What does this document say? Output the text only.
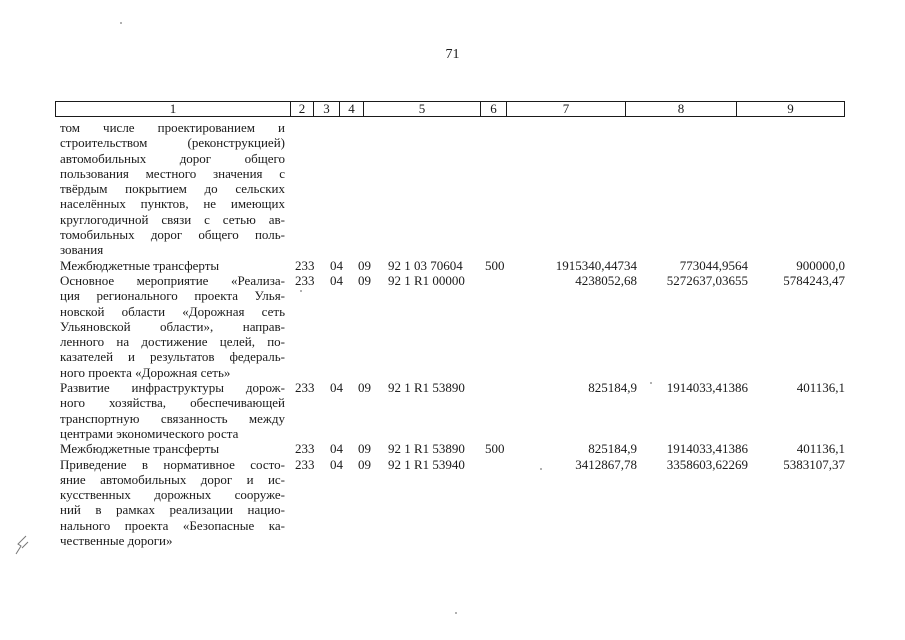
71
1	2	3	4	5	6	7	8	9
том числе проектированием и
строительством (реконструкцией)
автомобильных дорог общего
пользования местного значения с
твёрдым покрытием до сельских
населённых пунктов, не имеющих
круглогодичной связи с сетью ав-
томобильных дорог общего поль-
зования
Межбюджетные трансферты	233 04 09 92 1 03 70604 500	1915340,44734	773044,9564	900000,0
Основное мероприятие «Реализа-
ция регионального проекта Улья-
новской области «Дорожная сеть
Ульяновской области», направ-
ленного на достижение целей, по-
казателей и результатов федераль-
ного проекта «Дорожная сеть»
233 04 09 92 1 R1 00000	4238052,68	5272637,03655	5784243,47
Развитие инфраструктуры дорож-
ного хозяйства, обеспечивающей
транспортную связанность между
центрами экономического роста
233 04 09 92 1 R1 53890	825184,9	1914033,41386	401136,1
Межбюджетные трансферты	233 04 09 92 1 R1 53890 500	825184,9	1914033,41386	401136,1
Приведение в нормативное состо-
яние автомобильных дорог и ис-
кусственных дорожных сооруже-
ний в рамках реализации нацио-
нального проекта «Безопасные ка-
чественные дороги»
233 04 09 92 1 R1 53940	3412867,78	3358603,62269	5383107,37
